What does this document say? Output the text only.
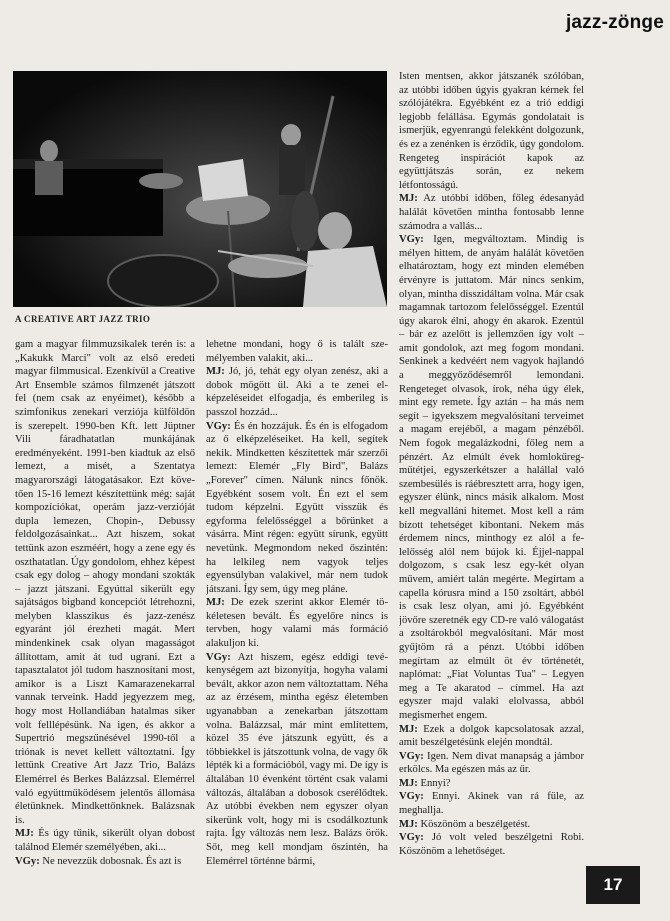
jazz-zönge
A CREATIVE ART JAZZ TRIO

gam a magyar filmmuzsikalek terén is: a „Kakukk Marci" volt az első eredeti magyar filmmusical. Ezenkívül a Creative Art Ensemble számos filmzenét játszott fel (nem csak az enyéimet), később a szimfonikus zenekari verziója külföldön is szerepelt. 1990-ben Kft. lett Jüptner Vili fáradhatatlan munkájának eredményeként. 1991-ben kiadtuk az első lemezt, a misét, a Szentatya magyarországi látogatásakor. Ezt követően 15-16 lemezt készítettünk még: saját kompozíciókat, operám jazz-verzióját dupla lemezen, Chopin-, Debussy feldolgozásainkat... Azt hiszem, sokat tettünk azon eszméért, hogy a zene egy és oszthatatlan. Úgy gondolom, ehhez képest csak egy dolog – ahogy mondani szokták – jazzt játszani. Egyúttal sikerült egy sajátságos bigband koncepciót létrehozni, melyben klasszikus és jazz-zenész egyaránt jól érezheti magát. Mert mindenkinek csak olyan magasságot állítottam, amit át tud ugrani. Ezt a tapasztalatot jól tudom hasznosítani most, amikor is a Liszt Kamarazenekarral vannak terveink. Hadd jegyezzem meg, hogy most Hollandiában hatalmas siker volt felllépésünk. Na igen, és akkor a Supertrió megszűnésével 1990-től a triónak is nevet kellett változtatni. Így lettünk Creative Art Jazz Trio, Balázs Elemérrel és Berkes Balázzsal. Elemérrel való együttműködésem jelentős állomása életünknek. Mindkettőnknek. Balázsnak is.

MJ: És úgy tűnik, sikerült olyan dobost találnod Elemér személyében, aki...

VGy: Ne nevezzük dobosnak. És azt is

lehetne mondani, hogy ő is talált személyemben valakit, aki...

MJ: Jó, jó, tehát egy olyan zenész, aki a dobok mögött ül. Aki a te zenei elképzeléseidet elfogadja, és emberileg is passzol hozzád...

VGy: És én hozzájuk. És én is elfogadom az ő elképzeléseiket. Ha kell, segítek nekik. Mindketten készítettek már szerzői lemezt: Elemér „Fly Bird", Balázs „Forever" címen. Nálunk nincs főnök. Egyébként sosem volt. Én ezt el sem tudom képzelni. Együtt visszük és egyforma felelősséggel a bőrünket a vásárra. Mint régen: együtt sírunk, együtt nevetünk. Megmondom neked őszintén: ha lelkileg nem vagyok teljes egyensúlyban valakivel, már nem tudok játszani. Így sem, úgy meg pláne.

MJ: De ezek szerint akkor Elemér tökéletesen bevált. És egyelőre nincs is tervben, hogy valami más formáció alakuljon ki.

VGy: Azt hiszem, egész eddigi tevékenységem azt bizonyítja, hogyha valami bevált, akkor azon nem változtattam. Néha az az érzésem, mintha egész életemben ugyanabban a zenekarban játszottam volna. Balázzsal, már mint említettem, közel 35 éve játszunk együtt, és a többiekkel is játszottunk volna, de vagy ők lépték ki a formációból, vagy mi. De így is általában 10 évenként történt csak valami változás, általában a dobosok cserélődtek. Az utóbbi években nem egyszer olyan sikerünk volt, hogy mi is csodálkoztunk rajta. Így változás nem lesz. Balázs örök. Sőt, meg kell mondjam őszintén, ha Elemérrel történne bármi,

Isten mentsen, akkor játszanék szólóban, az utóbbi időben úgyis gyakran kérnek fel szólójátékra. Egyébként ez a trió eddigi legjobb felállása. Egymás gondolatait is ismerjük, egyenrangú felekként dolgozunk, és ez a zenénken is érződik, úgy gondolom. Rengeteg inspirációt kapok az együttjátszás során, ez nekem létfontosságú.

MJ: Az utóbbi időben, főleg édesanyád halálát követően mintha fontosabb lenne számodra a vallás...

VGy: Igen, megváltoztam. Mindig is mélyen hittem, de anyám halálát követően elhatároztam, hogy ezt minden elemében érvényre is juttatom. Már nincs senkim, olyan, mintha disszidáltam volna. Már csak magamnak tartozom felelősséggel. Ezentúl úgy akarok élni, ahogy én akarok. Ezentúl – bár ez azelőtt is jellemzően így volt – amit gondolok, azt meg fogom mondani. Senkinek a kedvéért nem vagyok hajlandó a meggyőződésemről lemondani. Rengeteget olvasok, írok, néha úgy élek, mint egy remete. Így aztán – ha más nem segít – igyekszem megvalósítani terveimet a magam erejéből, a magam pénzéből. Nem fogok megalázkodni, főleg nem a pénzért. Az elmúlt évek homlokűreg-műtétjei, egyszerkétszer a halállal való szembesülés is ráébresztett arra, hogy igen, egyszer élünk, nincs másik alkalom. Most kell megvalláni hitemet. Most kell a rám bízott tehetséget kibontani. Nekem más érdemem nincs, minthogy ez alól a felelősség alól nem bújok ki. Éjjel-nappal dolgozom, s csak lesz egy-két olyan művem, amiért talán megérte. Megírtam a capella kórusra mind a 150 zsoltárt, abból is csak lesz olyan, ami jó. Egyébként jövőre szeretnék egy CD-re való válogatást a zsoltárokból megvalósítani. Már most gyűjtöm rá a pénzt. Utóbbi időben megírtam az elmúlt öt év történetét, naplómat: „Fiat Voluntas Tua" – Legyen meg a Te akaratod – címmel. Ha azt egyszer majd valaki elolvassa, abból megismerhet engem.

MJ: Ezek a dolgok kapcsolatosak azzal, amit beszélgetésünk elején mondtál.

VGy: Igen. Nem divat manapság a jámbor erkölcs. Ma egészen más az űr.

MJ: Ennyi?

VGy: Ennyi. Akinek van rá füle, az meghallja.

MJ: Köszönöm a beszélgetést.

VGy: Jó volt veled beszélgetni Robi. Köszönöm a lehetőséget.

17
